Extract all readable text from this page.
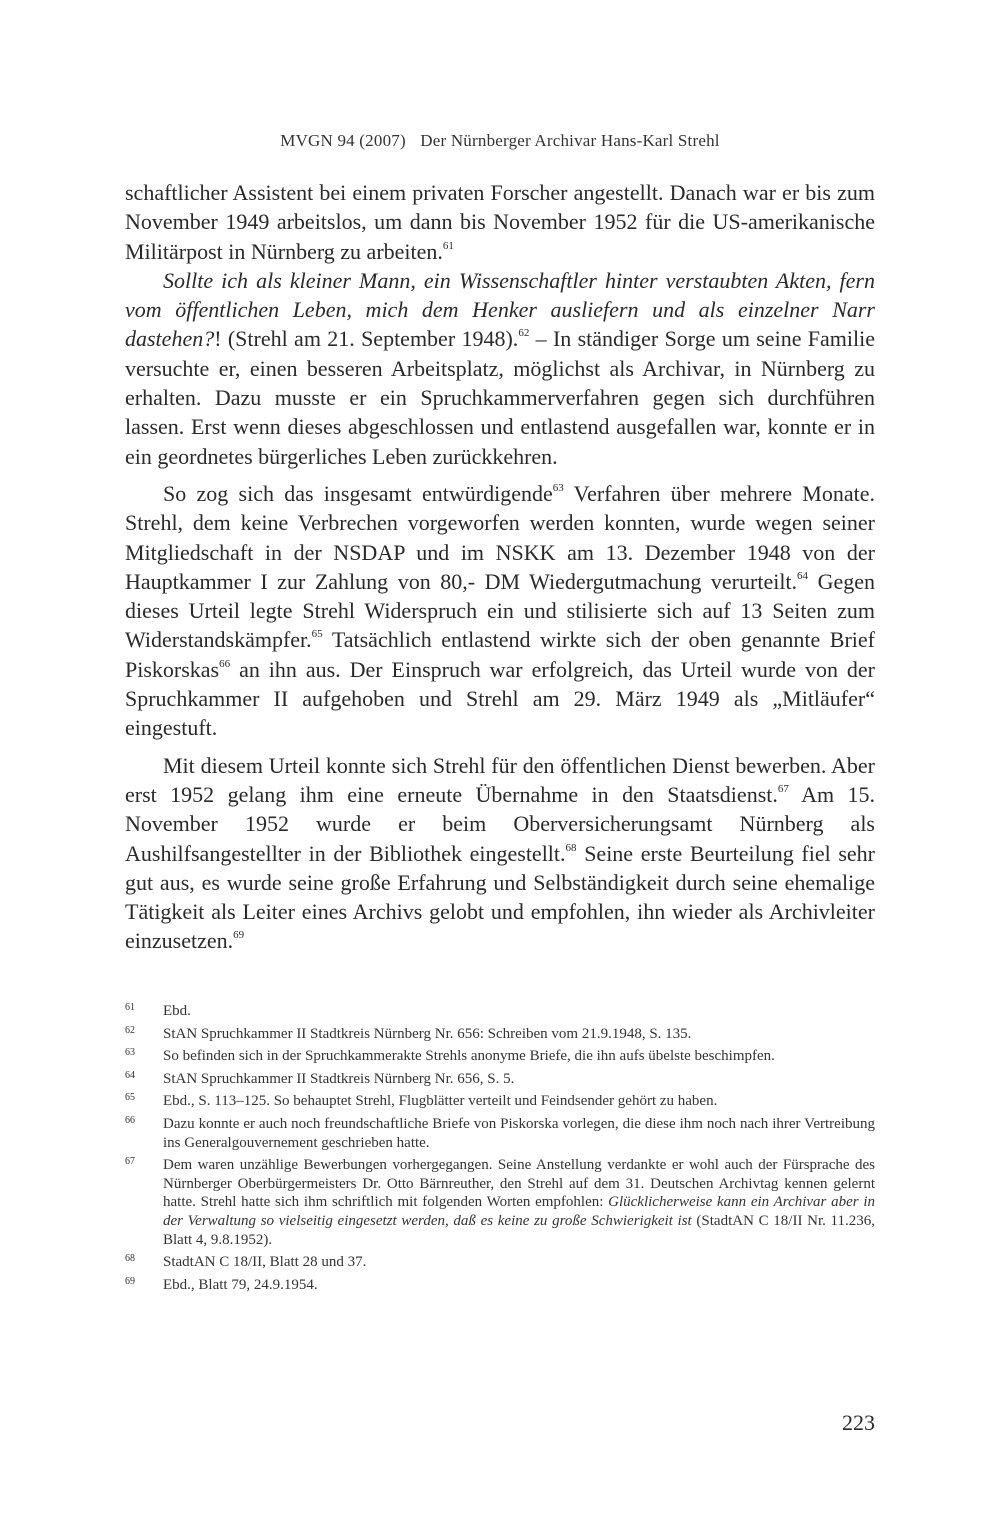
MVGN 94 (2007) Der Nürnberger Archivar Hans-Karl Strehl

schaftlicher Assistent bei einem privaten Forscher angestellt. Danach war er bis zum November 1949 arbeitslos, um dann bis November 1952 für die US-amerikanische Militärpost in Nürnberg zu arbeiten.$^{61}$

Sollte ich als kleiner Mann, ein Wissenschaftler hinter verstaubten Akten, fern vom öffentlichen Leben, mich dem Henker ausliefern und als einzelner Narr dastehen?! (Strehl am 21. September 1948).$^{62}$ – In ständiger Sorge um seine Familie versuchte er, einen besseren Arbeitsplatz, möglichst als Archivar, in Nürnberg zu erhalten. Dazu musste er ein Spruchkammerverfahren gegen sich durchführen lassen. Erst wenn dieses abgeschlossen und entlastend ausgefallen war, konnte er in ein geordnetes bürgerliches Leben zurückkehren.

So zog sich das insgesamt entwürdigende$^{63}$ Verfahren über mehrere Monate. Strehl, dem keine Verbrechen vorgeworfen werden konnten, wurde wegen seiner Mitgliedschaft in der NSDAP und im NSKK am 13. Dezember 1948 von der Hauptkammer I zur Zahlung von 80,- DM Wiedergutmachung verurteilt.$^{64}$ Gegen dieses Urteil legte Strehl Widerspruch ein und stilisierte sich auf 13 Seiten zum Widerstandskämpfer.$^{65}$ Tatsächlich entlastend wirkte sich der oben genannte Brief Piskorskas$^{66}$ an ihn aus. Der Einspruch war erfolgreich, das Urteil wurde von der Spruchkammer II aufgehoben und Strehl am 29. März 1949 als „Mitläufer“ eingestuft.

Mit diesem Urteil konnte sich Strehl für den öffentlichen Dienst bewerben. Aber erst 1952 gelang ihm eine erneute Übernahme in den Staatsdienst.$^{67}$ Am 15. November 1952 wurde er beim Oberversicherungsamt Nürnberg als Aushilfsangestellter in der Bibliothek eingestellt.$^{68}$ Seine erste Beurteilung fiel sehr gut aus, es wurde seine große Erfahrung und Selbständigkeit durch seine ehemalige Tätigkeit als Leiter eines Archivs gelobt und empfohlen, ihn wieder als Archivleiter einzusetzen.$^{69}$

61 Ebd.
62 StAN Spruchkammer II Stadtkreis Nürnberg Nr. 656: Schreiben vom 21.9.1948, S. 135.
63 So befinden sich in der Spruchkammerakte Strehls anonyme Briefe, die ihn aufs übelste beschimpfen.
64 StAN Spruchkammer II Stadtkreis Nürnberg Nr. 656, S. 5.
65 Ebd., S. 113–125. So behauptet Strehl, Flugblätter verteilt und Feindsender gehört zu haben.
66 Dazu konnte er auch noch freundschaftliche Briefe von Piskorska vorlegen, die diese ihm noch nach ihrer Vertreibung ins Generalgouvernement geschrieben hatte.
67 Dem waren unzählige Bewerbungen vorhergegangen. Seine Anstellung verdankte er wohl auch der Fürsprache des Nürnberger Oberbürgermeisters Dr. Otto Bärnreuther, den Strehl auf dem 31. Deutschen Archivtag kennen gelernt hatte. Strehl hatte sich ihm schriftlich mit folgenden Worten empfohlen: Glücklicherweise kann ein Archivar aber in der Verwaltung so vielseitig eingesetzt werden, daß es keine zu große Schwierigkeit ist (StadtAN C 18/II Nr. 11.236, Blatt 4, 9.8.1952).
68 StadtAN C 18/II, Blatt 28 und 37.
69 Ebd., Blatt 79, 24.9.1954.
223
